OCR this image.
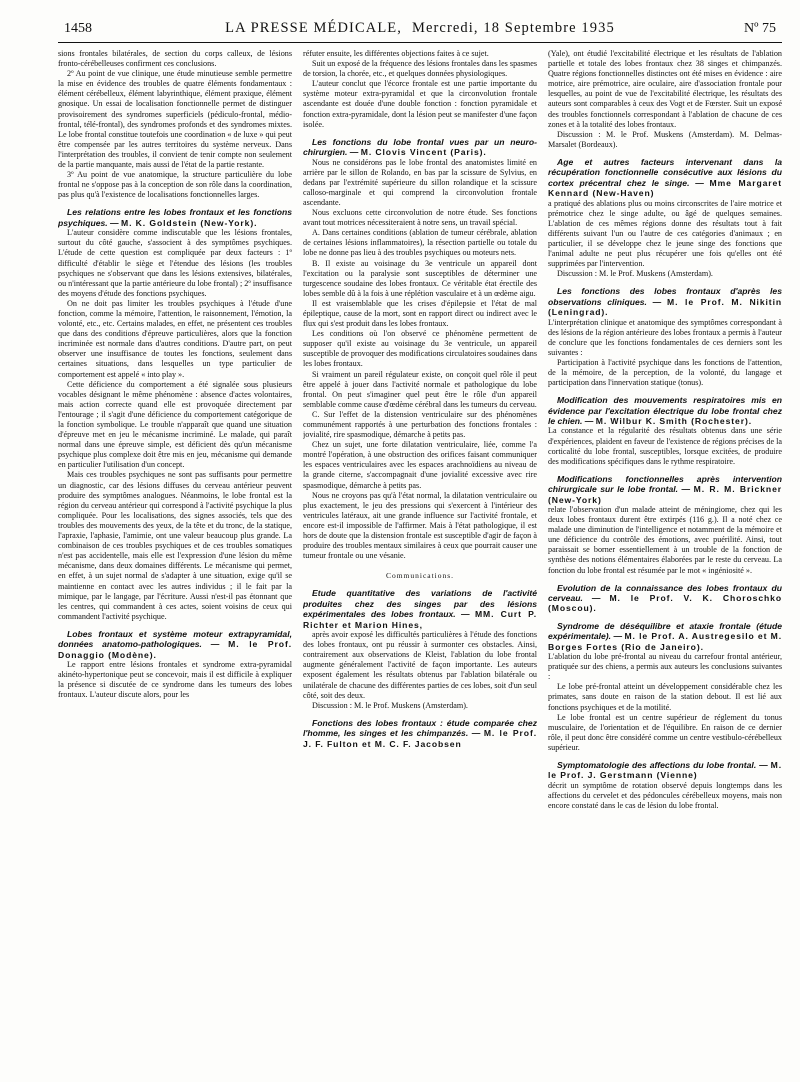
1458	LA PRESSE MÉDICALE, Mercredi, 18 Septembre 1935	Nº 75

sions frontales bilatérales, de section du corps calleux, de lésions fronto-cérébelleuses confirment ces conclusions.

2º Au point de vue clinique, une étude minutieuse semble permettre la mise en évidence des troubles de quatre éléments fondamentaux : élément cérébelleux, élément labyrinthique, élément praxique, élément gnosique. Un essai de localisation fonctionnelle permet de distinguer provisoirement des syndromes superficiels (pédiculo-frontal, médio-frontal, télé-frontal), des syndromes profonds et des syndromes mixtes. Le lobe frontal constitue toutefois une coordination « de luxe » qui peut être compensée par les autres territoires du système nerveux. Dans l'interprétation des troubles, il convient de tenir compte non seulement de la partie manquante, mais aussi de l'état de la partie restante.

3º Au point de vue anatomique, la structure particulière du lobe frontal ne s'oppose pas à la conception de son rôle dans la coordination, pas plus qu'à l'existence de localisations fonctionnelles larges.

Les relations entre les lobes frontaux et les fonctions psychiques. — M. K. Goldstein (New-York).

L'auteur considère comme indiscutable que les lésions frontales, surtout du côté gauche, s'associent à des symptômes psychiques. L'étude de cette question est compliquée par deux facteurs : 1º difficulté d'établir le siège et l'étendue des lésions (les troubles psychiques ne s'observant que dans les lésions extensives, bilatérales, ou n'intéressant que la partie antérieure du lobe frontal) ; 2º insuffisance des moyens d'étude des fonctions psychiques.

On ne doit pas limiter les troubles psychiques à l'étude d'une fonction, comme la mémoire, l'attention, le raisonnement, l'émotion, la volonté, etc., etc. Certains malades, en effet, ne présentent ces troubles que dans des conditions d'épreuve particulières, alors que la fonction incriminée est normale dans d'autres conditions. D'autre part, on peut observer une insuffisance de toutes les fonctions, seulement dans certaines situations, dans lesquelles un type particulier de comportement est appelé « into play ».

Cette déficience du comportement a été signalée sous plusieurs vocables désignant le même phénomène : absence d'actes volontaires, mais action correcte quand elle est provoquée directement par l'entourage ; il s'agit d'une déficience du comportement catégorique de la fonction symbolique. Le trouble n'apparaît que quand une situation d'épreuve met en jeu le mécanisme incriminé. Le malade, qui paraît normal dans une épreuve simple, est déficient dès qu'un mécanisme psychique plus complexe doit être mis en jeu, mécanisme qui demande en particulier l'utilisation d'un concept.

Mais ces troubles psychiques ne sont pas suffisants pour permettre un diagnostic, car des lésions diffuses du cerveau antérieur peuvent produire des symptômes analogues. Néanmoins, le lobe frontal est la région du cerveau antérieur qui correspond à l'activité psychique la plus compliquée. Pour les localisations, des signes associés, tels que des troubles des mouvements des yeux, de la tête et du tronc, de la statique, l'apraxie, l'aphasie, l'amimie, ont une valeur beaucoup plus grande. La combinaison de ces troubles psychiques et de ces troubles somatiques n'est pas accidentelle, mais elle est l'expression d'une lésion du même mécanisme, dans deux domaines différents. Le mécanisme qui permet, en effet, à un sujet normal de s'adapter à une situation, exige qu'il se maintienne en contact avec les autres individus ; il le fait par la mimique, par le langage, par l'écriture. Aussi n'est-il pas étonnant que les centres, qui commandent à ces actes, soient voisins de ceux qui commandent l'activité psychique.

Lobes frontaux et système moteur extrapyramidal, données anatomo-pathologiques. — M. le Prof. Donaggio (Modène).

Le rapport entre lésions frontales et syndrome extra-pyramidal akinéto-hypertonique peut se concevoir, mais il est difficile à expliquer la présence si discutée de ce syndrome dans les tumeurs des lobes frontaux. L'auteur discute alors, pour les

réfuter ensuite, les différentes objections faites à ce sujet.

Suit un exposé de la fréquence des lésions frontales dans les spasmes de torsion, la chorée, etc., et quelques données physiologiques.

L'auteur conclut que l'écorce frontale est une partie importante du système moteur extra-pyramidal et que la circonvolution frontale ascendante est douée d'une double fonction : fonction pyramidale et fonction extra-pyramidale, dont la lésion peut se manifester d'une façon isolée.

Les fonctions du lobe frontal vues par un neuro-chirurgien. — M. Clovis Vincent (Paris).

Nous ne considérons pas le lobe frontal des anatomistes limité en arrière par le sillon de Rolando, en bas par la scissure de Sylvius, en dedans par l'extrémité supérieure du sillon rolandique et la scissure calloso-marginale et qui comprend la circonvolution frontale ascendante.

Nous excluons cette circonvolution de notre étude. Ses fonctions avant tout motrices nécessiteraient à notre sens, un travail spécial.

A. Dans certaines conditions (ablation de tumeur cérébrale, ablation de certaines lésions inflammatoires), la résection partielle ou totale du lobe ne donne pas lieu à des troubles psychiques ou moteurs nets.

B. Il existe au voisinage du 3e ventricule un appareil dont l'excitation ou la paralysie sont susceptibles de déterminer une turgescence soudaine des lobes frontaux. Ce véritable état érectile des lobes semble dû à la fois à une réplétion vasculaire et à un œdème aigu.

Il est vraisemblable que les crises d'épilepsie et l'état de mal épileptique, cause de la mort, sont en rapport direct ou indirect avec le flux qui s'est produit dans les lobes frontaux.

Les conditions où l'on observé ce phénomène permettent de supposer qu'il existe au voisinage du 3e ventricule, un appareil susceptible de provoquer des modifications circulatoires soudaines dans les lobes frontaux.

Si vraiment un pareil régulateur existe, on conçoit quel rôle il peut être appelé à jouer dans l'activité normale et pathologique du lobe frontal. On peut s'imaginer quel peut être le rôle d'un appareil semblable comme cause d'œdème cérébral dans les tumeurs du cerveau.

C. Sur l'effet de la distension ventriculaire sur des phénomènes communément rapportés à une perturbation des fonctions frontales : jovialité, rire spasmodique, démarche à petits pas.

Chez un sujet, une forte dilatation ventriculaire, liée, comme l'a montré l'opération, à une obstruction des orifices faisant communiquer les espaces ventriculaires avec les espaces arachnoïdiens au niveau de la grande citerne, s'accompagnait d'une jovialité excessive avec rire spasmodique, démarche à petits pas.

Nous ne croyons pas qu'à l'état normal, la dilatation ventriculaire ou plus exactement, le jeu des pressions qui s'exercent à l'intérieur des ventricules latéraux, ait une grande influence sur l'activité frontale, et encore est-il impossible de l'affirmer. Mais à l'état pathologique, il est hors de doute que la distension frontale est susceptible d'agir de façon à produire des troubles mentaux similaires à ceux que pourrait causer une tumeur frontale ou une vésanie.

Communications.

Etude quantitative des variations de l'activité produites chez des singes par des lésions expérimentales des lobes frontaux. — MM. Curt P. Richter et Marion Hines,

après avoir exposé les difficultés particulières à l'étude des fonctions des lobes frontaux, ont pu réussir à surmonter ces obstacles. Ainsi, contrairement aux observations de Kleist, l'ablation du lobe frontal augmente généralement l'activité de façon importante. Les auteurs exposent également les résultats obtenus par l'ablation bilatérale ou unilatérale de chacune des différentes parties de ces lobes, soit d'un seul côté, soit des deux.

Discussion : M. le Prof. Muskens (Amsterdam).

Fonctions des lobes frontaux : étude comparée chez l'homme, les singes et les chimpanzés. — M. le Prof. J. F. Fulton et M. C. F. Jacobsen

(Yale), ont étudié l'excitabilité électrique et les résultats de l'ablation partielle et totale des lobes frontaux chez 38 singes et chimpanzés. Quatre régions fonctionnelles distinctes ont été mises en évidence : aire motrice, aire prémotrice, aire oculaire, aire d'association frontale pour lesquelles, au point de vue de l'excitabilité électrique, les résultats des auteurs sont comparables à ceux des Vogt et de Fœrster. Suit un exposé des troubles fonctionnels correspondant à l'ablation de chacune de ces zones et à la totalité des lobes frontaux.

Discussion : M. le Prof. Muskens (Amsterdam). M. Delmas-Marsalet (Bordeaux).

Age et autres facteurs intervenant dans la récupération fonctionnelle consécutive aux lésions du cortex précentral chez le singe. — Mme Margaret Kennard (New-Haven)

a pratiqué des ablations plus ou moins circonscrites de l'aire motrice et prémotrice chez le singe adulte, ou âgé de quelques semaines. L'ablation de ces mêmes régions donne des résultats tout à fait différents suivant l'un ou l'autre de ces catégories d'animaux ; en particulier, il se développe chez le jeune singe des fonctions que l'animal adulte ne peut plus récupérer une fois qu'elles ont été supprimées par l'intervention.

Discussion : M. le Prof. Muskens (Amsterdam).

Les fonctions des lobes frontaux d'après les observations cliniques. — M. le Prof. M. Nikitin (Leningrad).

L'interprétation clinique et anatomique des symptômes correspondant à des lésions de la région antérieure des lobes frontaux a permis à l'auteur de conclure que les fonctions fondamentales de ces derniers sont les suivantes :

Participation à l'activité psychique dans les fonctions de l'attention, de la mémoire, de la perception, de la volonté, du langage et participation dans l'innervation statique (tonus).

Modification des mouvements respiratoires mis en évidence par l'excitation électrique du lobe frontal chez le chien. — M. Wilbur K. Smith (Rochester).

La constance et la régularité des résultats obtenus dans une série d'expériences, plaident en faveur de l'existence de régions précises de la corticalité du lobe frontal, susceptibles, lorsque excitées, de produire des modifications spécifiques dans le rythme respiratoire.

Modifications fonctionnelles après intervention chirurgicale sur le lobe frontal. — M. R. M. Brickner (New-York)

relate l'observation d'un malade atteint de méningiome, chez qui les deux lobes frontaux durent être extirpés (116 g.). Il a noté chez ce malade une diminution de l'intelligence et notamment de la mémoire et une déficience du contrôle des émotions, avec puérilité. Ainsi, tout paraissait se borner essentiellement à un trouble de la fonction de synthèse des notions élémentaires élaborées par le reste du cerveau. La fonction du lobe frontal est résumée par le mot « ingéniosité ».

Evolution de la connaissance des lobes frontaux du cerveau. — M. le Prof. V. K. Choroschko (Moscou).
Syndrome de déséquilibre et ataxie frontale (étude expérimentale). — M. le Prof. A. Austregesilo et M. Borges Fortes (Rio de Janeiro).

L'ablation du lobe pré-frontal au niveau du carrefour frontal antérieur, pratiquée sur des chiens, a permis aux auteurs les conclusions suivantes :

Le lobe pré-frontal atteint un développement considérable chez les primates, sans doute en raison de la station debout. Il est lié aux fonctions psychiques et de la motilité.

Le lobe frontal est un centre supérieur de réglement du tonus musculaire, de l'orientation et de l'équilibre. En raison de ce dernier rôle, il peut donc être considéré comme un centre vestibulo-cérébelleux supérieur.

Symptomatologie des affections du lobe frontal. — M. le Prof. J. Gerstmann (Vienne)

décrit un symptôme de rotation observé depuis longtemps dans les affections du cervelet et des pédoncules cérébelleux moyens, mais non encore constaté dans le cas de lésion du lobe frontal.
